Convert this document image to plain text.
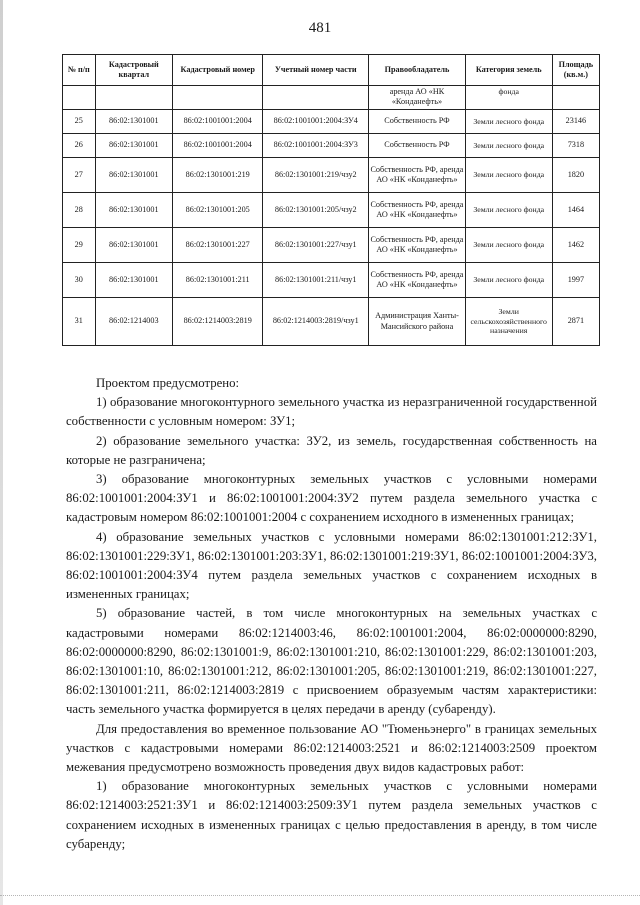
481
№ п/п	Кадастровый квартал	Кадастровый номер	Учетный номер части	Правообладатель	Категория земель	Площадь (кв.м.)
				аренда АО «НК «Конданефть»	фонда	
25	86:02:1301001	86:02:1001001:2004	86:02:1001001:2004:ЗУ4	Собственность РФ	Земли лесного фонда	23146
26	86:02:1301001	86:02:1001001:2004	86:02:1001001:2004:ЗУ3	Собственность РФ	Земли лесного фонда	7318
27	86:02:1301001	86:02:1301001:219	86:02:1301001:219/чзу2	Собственность РФ, аренда АО «НК «Конданефть»	Земли лесного фонда	1820
28	86:02:1301001	86:02:1301001:205	86:02:1301001:205/чзу2	Собственность РФ, аренда АО «НК «Конданефть»	Земли лесного фонда	1464
29	86:02:1301001	86:02:1301001:227	86:02:1301001:227/чзу1	Собственность РФ, аренда АО «НК «Конданефть»	Земли лесного фонда	1462
30	86:02:1301001	86:02:1301001:211	86:02:1301001:211/чзу1	Собственность РФ, аренда АО «НК «Конданефть»	Земли лесного фонда	1997
31	86:02:1214003	86:02:1214003:2819	86:02:1214003:2819/чзу1	Администрация Ханты-Мансийского района	Земли сельскохозяйственного назначения	2871

Проектом предусмотрено:

1) образование многоконтурного земельного участка из неразграниченной государственной собственности с условным номером: ЗУ1;

2) образование земельного участка: ЗУ2, из земель, государственная собственность на которые не разграничена;

3) образование многоконтурных земельных участков с условными номерами 86:02:1001001:2004:ЗУ1 и 86:02:1001001:2004:ЗУ2 путем раздела земельного участка с кадастровым номером 86:02:1001001:2004 с сохранением исходного в измененных границах;

4) образование земельных участков с условными номерами 86:02:1301001:212:ЗУ1, 86:02:1301001:229:ЗУ1, 86:02:1301001:203:ЗУ1, 86:02:1301001:219:ЗУ1, 86:02:1001001:2004:ЗУ3, 86:02:1001001:2004:ЗУ4 путем раздела земельных участков с сохранением исходных в измененных границах;

5) образование частей, в том числе многоконтурных на земельных участках с кадастровыми номерами 86:02:1214003:46, 86:02:1001001:2004, 86:02:0000000:8290, 86:02:0000000:8290, 86:02:1301001:9, 86:02:1301001:210, 86:02:1301001:229, 86:02:1301001:203, 86:02:1301001:10, 86:02:1301001:212, 86:02:1301001:205, 86:02:1301001:219, 86:02:1301001:227, 86:02:1301001:211, 86:02:1214003:2819 с присвоением образуемым частям характеристики: часть земельного участка формируется в целях передачи в аренду (субаренду).

Для предоставления во временное пользование АО "Тюменьэнерго" в границах земельных участков с кадастровыми номерами 86:02:1214003:2521 и 86:02:1214003:2509 проектом межевания предусмотрено возможность проведения двух видов кадастровых работ:

1) образование многоконтурных земельных участков с условными номерами 86:02:1214003:2521:ЗУ1 и 86:02:1214003:2509:ЗУ1 путем раздела земельных участков с сохранением исходных в измененных границах с целью предоставления в аренду, в том числе субаренду;
